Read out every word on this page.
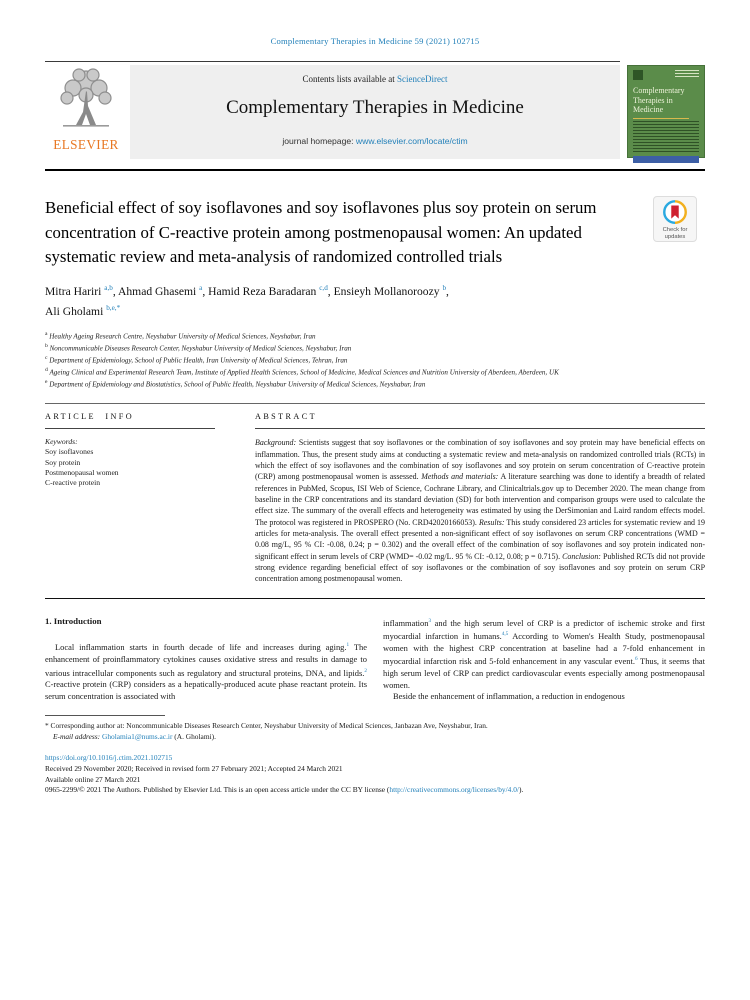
Complementary Therapies in Medicine 59 (2021) 102715
ELSEVIER
Contents lists available at ScienceDirect
Complementary Therapies in Medicine
journal homepage: www.elsevier.com/locate/ctim
Complementary Therapies in Medicine
Beneficial effect of soy isoflavones and soy isoflavones plus soy protein on serum concentration of C-reactive protein among postmenopausal women: An updated systematic review and meta-analysis of randomized controlled trials
Check for
updates
Mitra Hariri $^{a,b}$, Ahmad Ghasemi $^a$, Hamid Reza Baradaran $^{c,d}$, Ensieyh Mollanoroozy $^b$,
Ali Gholami $^{b,e,*}$
$^a$ Healthy Ageing Research Centre, Neyshabur University of Medical Sciences, Neyshabur, Iran
$^b$ Noncommunicable Diseases Research Center, Neyshabur University of Medical Sciences, Neyshabur, Iran
$^c$ Department of Epidemiology, School of Public Health, Iran University of Medical Sciences, Tehran, Iran
$^d$ Ageing Clinical and Experimental Research Team, Institute of Applied Health Sciences, School of Medicine, Medical Sciences and Nutrition University of Aberdeen, Aberdeen, UK
$^e$ Department of Epidemiology and Biostatistics, School of Public Health, Neyshabur University of Medical Sciences, Neyshabur, Iran
ARTICLE INFO
Keywords:
Soy isoflavones
Soy protein
Postmenopausal women
C-reactive protein
ABSTRACT
Background: Scientists suggest that soy isoflavones or the combination of soy isoflavones and soy protein may have beneficial effects on inflammation. Thus, the present study aims at conducting a systematic review and meta-analysis on randomized controlled trials (RCTs) in which the effect of soy isoflavones and the combination of soy isoflavones and soy protein on serum concentration of C-reactive protein (CRP) among postmenopausal women is assessed. Methods and materials: A literature searching was done to identify a breadth of related references in PubMed, Scopus, ISI Web of Science, Cochrane Library, and Clinicaltrials.gov up to December 2020. The mean change from baseline in the CRP concentrations and its standard deviation (SD) for both intervention and comparison groups were used to calculate the effect size. The summary of the overall effects and heterogeneity was estimated by using the DerSimonian and Laird random effects model. The protocol was registered in PROSPERO (No. CRD42020166053). Results: This study considered 23 articles for systematic review and 19 articles for meta-analysis. The overall effect presented a non-significant effect of soy isoflavones on serum CRP concentrations (WMD = 0.08 mg/L, 95 % CI: -0.08, 0.24; p = 0.302) and the overall effect of the combination of soy isoflavones and soy protein indicated non-significant effect in serum levels of CRP (WMD= -0.02 mg/L. 95 % CI: -0.12, 0.08; p = 0.715). Conclusion: Published RCTs did not provide strong evidence regarding beneficial effect of soy isoflavones or the combination of soy isoflavones and soy protein on serum CRP concentration among postmenopausal women.
1. Introduction

Local inflammation starts in fourth decade of life and increases during aging.$^1$ The enhancement of proinflammatory cytokines causes oxidative stress and results in damage to various intracellular components such as regulatory and structural proteins, DNA, and lipids.$^2$ C-reactive protein (CRP) considers as a hepatically-produced acute phase reactant protein. Its serum concentration is associated with

inflammation$^3$ and the high serum level of CRP is a predictor of ischemic stroke and first myocardial infarction in humans.$^{4,5}$ According to Women's Health Study, postmenopausal women with the highest CRP concentration at baseline had a 7-fold enhancement in myocardial infarction risk and 5-fold enhancement in any vascular event.$^6$ Thus, it seems that high serum level of CRP can predict cardiovascular events especially among postmenopausal women.

Beside the enhancement of inflammation, a reduction in endogenous

* Corresponding author at: Noncommunicable Diseases Research Center, Neyshabur University of Medical Sciences, Janbazan Ave, Neyshabur, Iran.
E-mail address: Gholamia1@nums.ac.ir (A. Gholami).
https://doi.org/10.1016/j.ctim.2021.102715
Received 29 November 2020; Received in revised form 27 February 2021; Accepted 24 March 2021
Available online 27 March 2021
0965-2299/© 2021 The Authors. Published by Elsevier Ltd. This is an open access article under the CC BY license (http://creativecommons.org/licenses/by/4.0/).
